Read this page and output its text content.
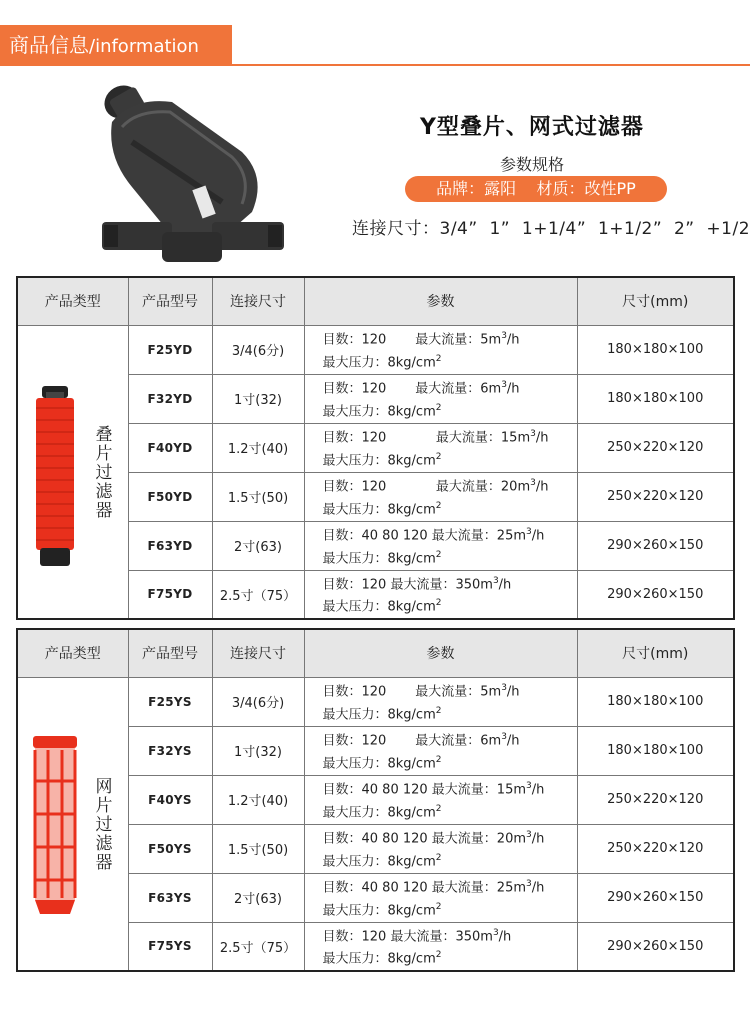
商品信息/information
Y型叠片、网式过滤器
参数规格
品牌：露阳    材质：改性PP
连接尺寸：3/4”  1”  1+1/4”  1+1/2”  2”  +1/2
产品类型	产品型号	连接尺寸	参数	尺寸(mm)

叠
片
过
滤
器	F25YD	3/4(6分)	目数：120       最大流量：$5m^3/h$
最大压力：$8kg/cm^2$	180×180×100
	F32YD	1寸(32)	目数：120       最大流量：$6m^3/h$
最大压力：$8kg/cm^2$	180×180×100
	F40YD	1.2寸(40)	目数：120            最大流量：$15m^3/h$
最大压力：$8kg/cm^2$	250×220×120
	F50YD	1.5寸(50)	目数：120            最大流量：$20m^3/h$
最大压力：$8kg/cm^2$	250×220×120
	F63YD	2寸(63)	目数：40 80 120 最大流量：$25m^3/h$
最大压力：$8kg/cm^2$	290×260×150
	F75YD	2.5寸（75）	目数：120 最大流量：$350m^3/h$
最大压力：$8kg/cm^2$	290×260×150
产品类型	产品型号	连接尺寸	参数	尺寸(mm)

网
片
过
滤
器	F25YS	3/4(6分)	目数：120       最大流量：$5m^3/h$
最大压力：$8kg/cm^2$	180×180×100
	F32YS	1寸(32)	目数：120       最大流量：$6m^3/h$
最大压力：$8kg/cm^2$	180×180×100
	F40YS	1.2寸(40)	目数：40 80 120 最大流量：$15m^3/h$
最大压力：$8kg/cm^2$	250×220×120
	F50YS	1.5寸(50)	目数：40 80 120 最大流量：$20m^3/h$
最大压力：$8kg/cm^2$	250×220×120
	F63YS	2寸(63)	目数：40 80 120 最大流量：$25m^3/h$
最大压力：$8kg/cm^2$	290×260×150
	F75YS	2.5寸（75）	目数：120 最大流量：$350m^3/h$
最大压力：$8kg/cm^2$	290×260×150
